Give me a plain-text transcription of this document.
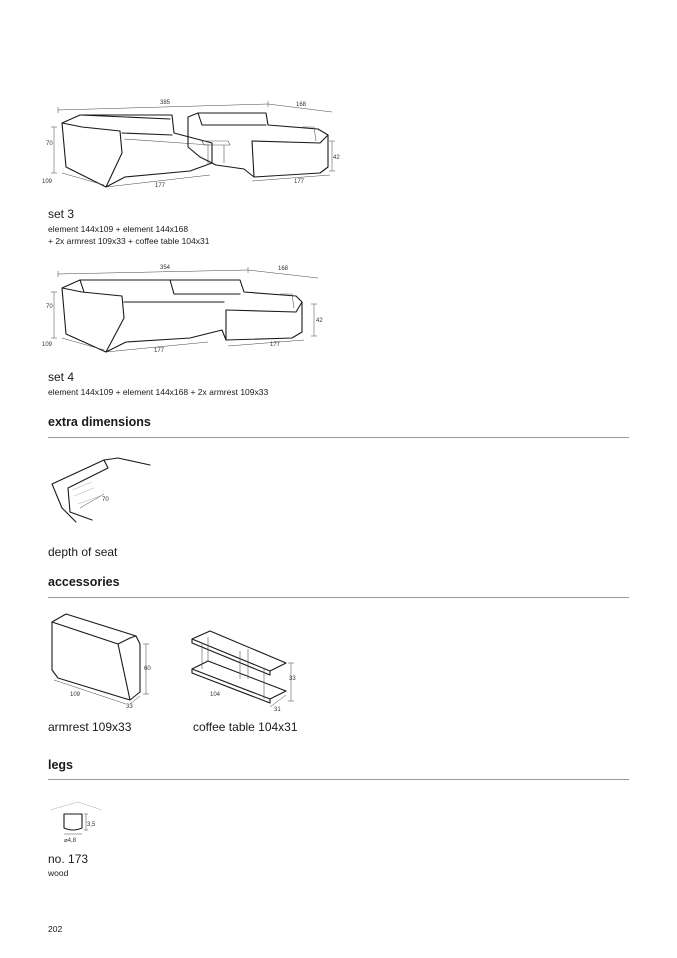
385	168
70
42
109
177
177
set 3
element 144x109 + element 144x168
+ 2x armrest 109x33 + coffee table 104x31
354	168
70
42
109
177
177
set 4
element 144x109 + element 144x168 + 2x armrest 109x33
extra dimensions
70
depth of seat
accessories
60
109
33
armrest 109x33
33
104
31
coffee table 104x31
legs
3,5
⌀4,8
no. 173
wood
202
